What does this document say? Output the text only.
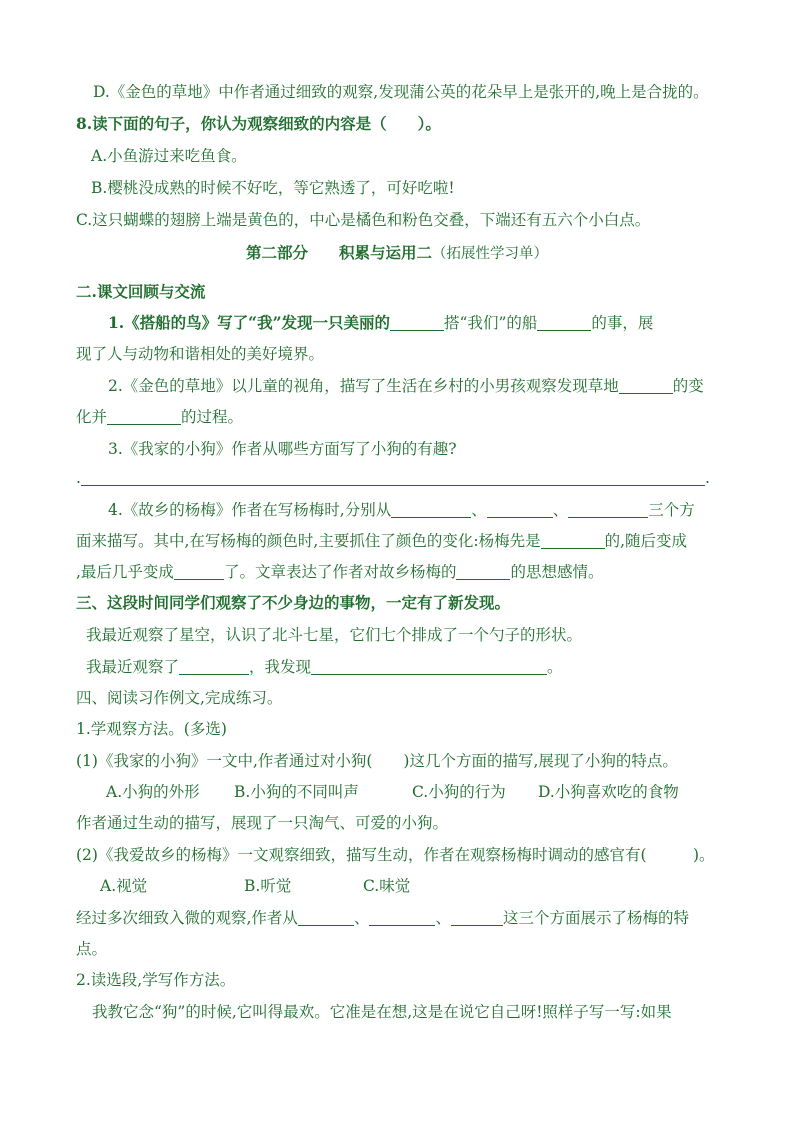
D.《金色的草地》中作者通过细致的观察,发现蒲公英的花朵早上是张开的,晚上是合拢的。
8.读下面的句子，你认为观察细致的内容是（　　）。
A.小鱼游过来吃鱼食。
B.樱桃没成熟的时候不好吃，等它熟透了，可好吃啦!
C.这只蝴蝶的翅膀上端是黄色的，中心是橘色和粉色交叠，下端还有五六个小白点。
第二部分　　积累与运用二（拓展性学习单）
二.课文回顾与交流
1.《搭船的鸟》写了“我”发现一只美丽的	搭“我们”的船	的事，展
现了人与动物和谐相处的美好境界。
2.《金色的草地》以儿童的视角，描写了生活在乡村的小男孩观察发现草地	的变
化并	的过程。
3.《我家的小狗》作者从哪些方面写了小狗的有趣?
.	.
4.《故乡的杨梅》作者在写杨梅时,分别从	、	、	三个方
面来描写。其中,在写杨梅的颜色时,主要抓住了颜色的变化:杨梅先是	的,随后变成
,最后几乎变成	了。文章表达了作者对故乡杨梅的	的思想感情。
三、这段时间同学们观察了不少身边的事物，一定有了新发现。
我最近观察了星空，认识了北斗七星，它们七个排成了一个勺子的形状。
我最近观察了	，我发现	。
四、阅读习作例文,完成练习。
1.学观察方法。(多选)
(1)《我家的小狗》一文中,作者通过对小狗(　　)这几个方面的描写,展现了小狗的特点。
A.小狗的外形 B.小狗的不同叫声	C.小狗的行为 D.小狗喜欢吃的食物
作者通过生动的描写，展现了一只淘气、可爱的小狗。
(2)《我爱故乡的杨梅》一文观察细致，描写生动，作者在观察杨梅时调动的感官有(　　　)。
A.视觉	B.听觉	C.味觉
经过多次细致入微的观察,作者从	、	、	这三个方面展示了杨梅的特
点。
2.读选段,学写作方法。
我教它念“狗”的时候,它叫得最欢。它准是在想,这是在说它自己呀!照样子写一写:如果
